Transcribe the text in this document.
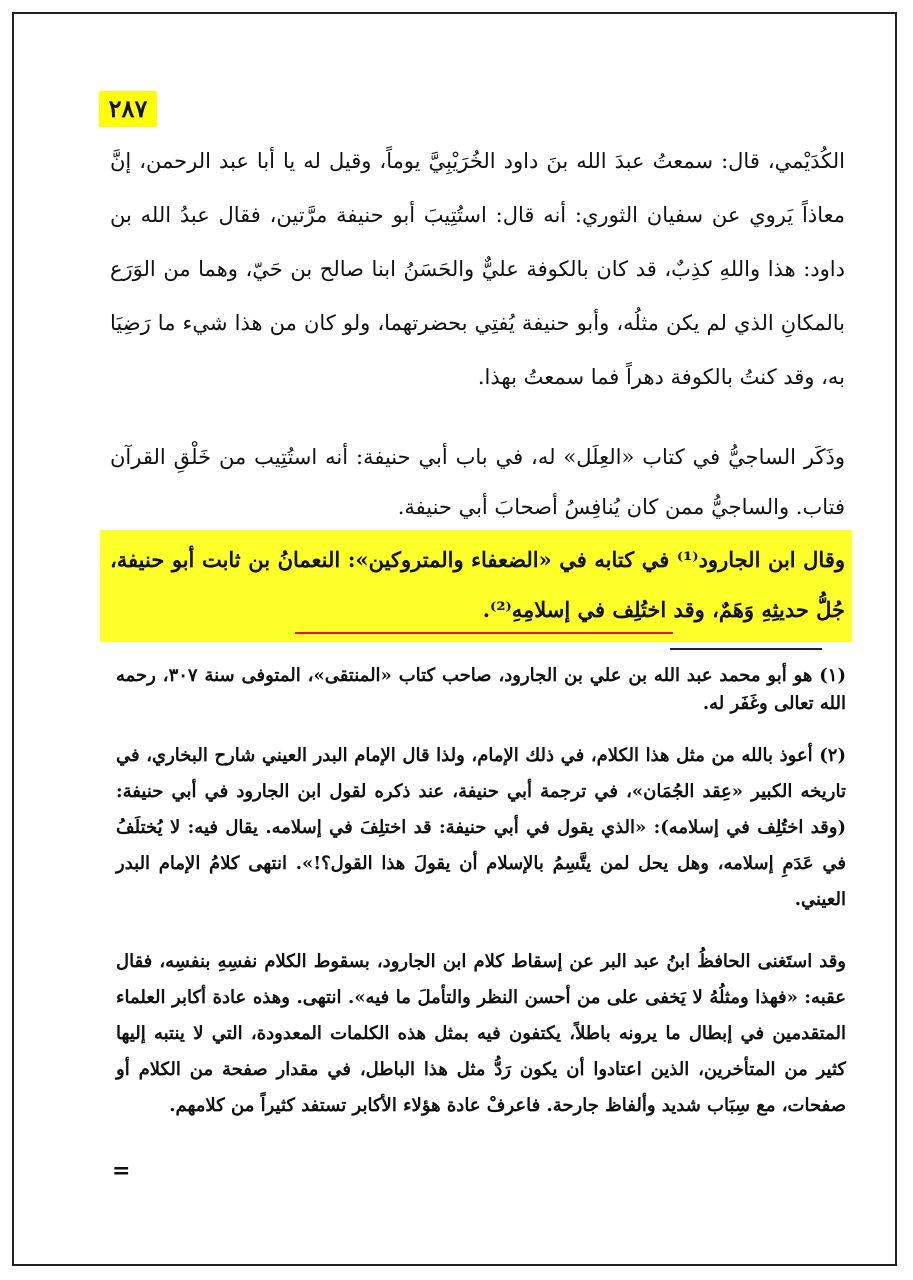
٢٨٧
الكُدَيْمي، قال: سمعتُ عبدَ الله بنَ داود الخُرَيْبِيَّ يوماً، وقيل له يا أبا عبد الرحمن، إنَّ معاذاً يَروي عن سفيان الثوري: أنه قال: استُتِيبَ أبو حنيفة مرَّتين، فقال عبدُ الله بن داود: هذا واللهِ كذِبٌ، قد كان بالكوفة عليٌّ والحَسَنُ ابنا صالح بن حَيّ، وهما من الوَرَع بالمكانِ الذي لم يكن مثلُه، وأبو حنيفة يُفتِي بحضرتهما، ولو كان من هذا شيء ما رَضِيَا به، وقد كنتُ بالكوفة دهراً فما سمعتُ بهذا.
وذَكَر الساجيُّ في كتاب «العِلَل» له، في باب أبي حنيفة: أنه استُتِيب من خَلْقِ القرآن فتاب. والساجيُّ ممن كان يُنافِسُ أصحابَ أبي حنيفة.
وقال ابن الجارود⁽¹⁾ في كتابه في «الضعفاء والمتروكين»: النعمانُ بن ثابت أبو حنيفة، جُلُّ حديثِهِ وَهَمٌ، وقد اختُلِف في إسلامِهِ⁽²⁾.
(١) هو أبو محمد عبد الله بن علي بن الجارود، صاحب كتاب «المنتقى»، المتوفى سنة ٣٠٧، رحمه الله تعالى وغَفَر له.
(٢) أعوذ بالله من مثل هذا الكلام، في ذلك الإمام، ولذا قال الإمام البدر العيني شارح البخاري، في تاريخه الكبير «عِقد الجُمَان»، في ترجمة أبي حنيفة، عند ذكره لقول ابن الجارود في أبي حنيفة: (وقد اختُلِف في إسلامه): «الذي يقول في أبي حنيفة: قد اختلِفَ في إسلامه. يقال فيه: لا يُختلَفُ في عَدَمِ إسلامه، وهل يحل لمن يتَّسِمُ بالإسلام أن يقولَ هذا القول؟!». انتهى كلامُ الإمام البدر العيني.
وقد استَغنى الحافظُ ابنُ عبد البر عن إسقاط كلام ابن الجارود، بسقوط الكلام نفسِهِ بنفسِه، فقال عقبه: «فهذا ومثلُهُ لا يَخفى على من أحسن النظر والتأملَ ما فيه». انتهى. وهذه عادة أكابر العلماء المتقدمين في إبطال ما يرونه باطلاً، يكتفون فيه بمثل هذه الكلمات المعدودة، التي لا ينتبه إليها كثير من المتأخرين، الذين اعتادوا أن يكون رَدُّ مثل هذا الباطل، في مقدار صفحة من الكلام أو صفحات، مع سِبَاب شديد وألفاظ جارحة. فاعرفْ عادة هؤلاء الأكابر تستفد كثيراً من كلامهم.
=
